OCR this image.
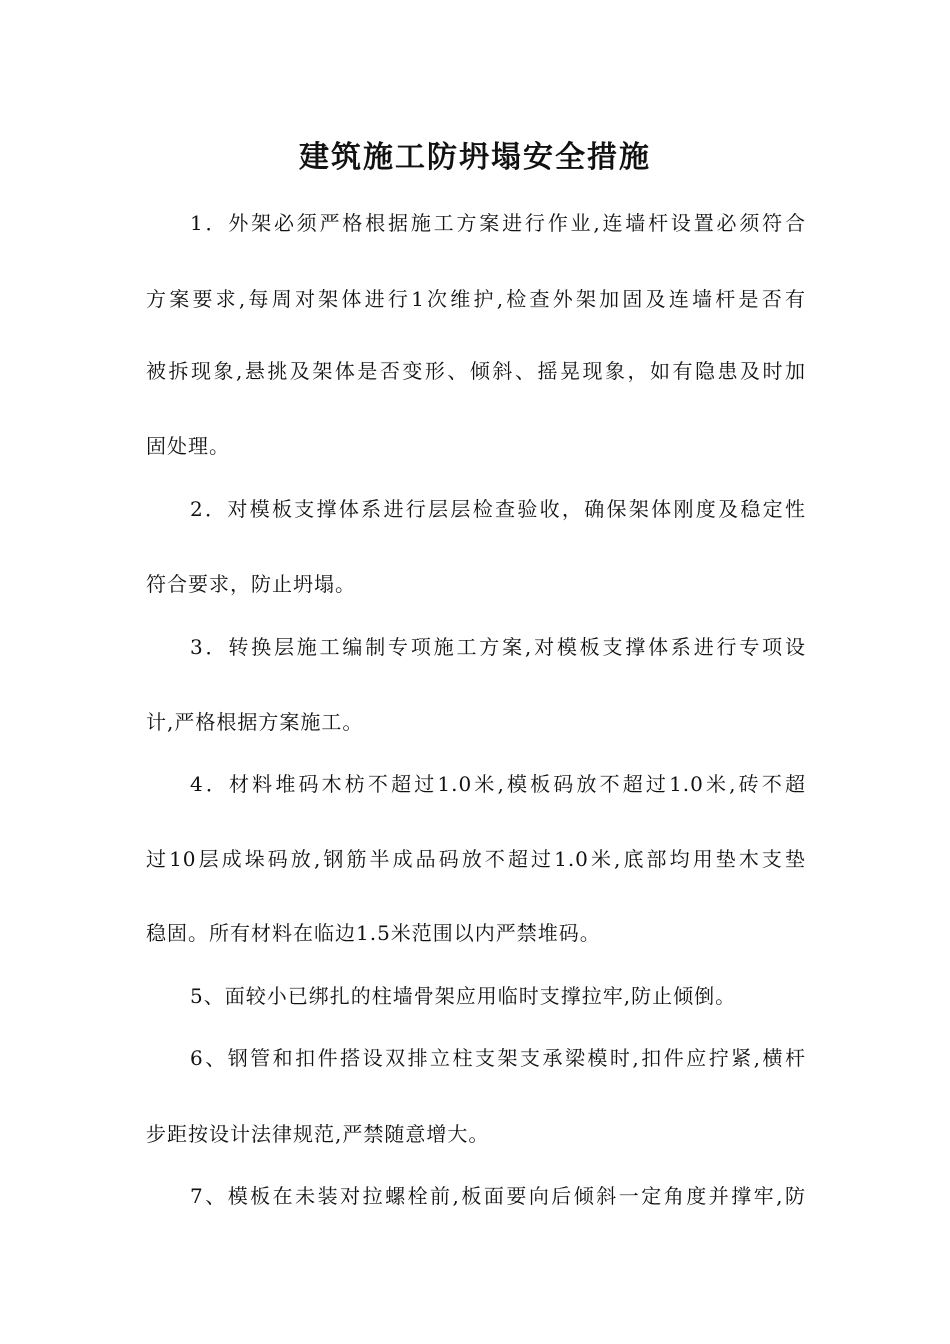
建筑施工防坍塌安全措施
1．外架必须严格根据施工方案进行作业,连墙杆设置必须符合
方案要求,每周对架体进行1次维护,检查外架加固及连墙杆是否有
被拆现象,悬挑及架体是否变形、倾斜、摇晃现象，如有隐患及时加
固处理。
2．对模板支撑体系进行层层检查验收，确保架体刚度及稳定性
符合要求，防止坍塌。
3．转换层施工编制专项施工方案,对模板支撑体系进行专项设
计,严格根据方案施工。
4．材料堆码木枋不超过1.0米,模板码放不超过1.0米,砖不超
过10层成垛码放,钢筋半成品码放不超过1.0米,底部均用垫木支垫
稳固。所有材料在临边1.5米范围以内严禁堆码。
5、面较小已绑扎的柱墙骨架应用临时支撑拉牢,防止倾倒。
6、钢管和扣件搭设双排立柱支架支承梁模时,扣件应拧紧,横杆
步距按设计法律规范,严禁随意增大。
7、模板在未装对拉螺栓前,板面要向后倾斜一定角度并撑牢,防
